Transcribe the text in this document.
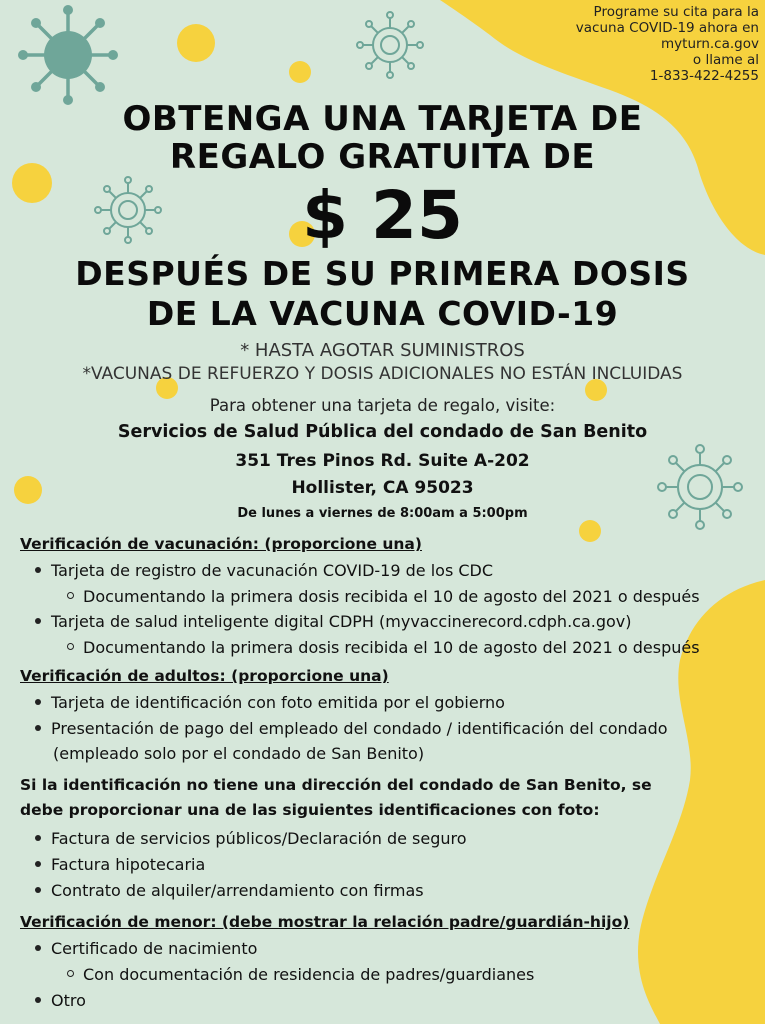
Programe su cita para la
vacuna COVID-19 ahora en
myturn.ca.gov
o llame al
1-833-422-4255
OBTENGA UNA TARJETA DE
REGALO GRATUITA DE
$ 25
DESPUÉS DE SU PRIMERA DOSIS
DE LA VACUNA COVID-19
* HASTA AGOTAR SUMINISTROS
*VACUNAS DE REFUERZO Y DOSIS ADICIONALES NO ESTÁN INCLUIDAS
Para obtener una tarjeta de regalo, visite:
Servicios de Salud Pública del condado de San Benito
351 Tres Pinos Rd. Suite A-202
Hollister, CA 95023
De lunes a viernes de 8:00am a 5:00pm
Verificación de vacunación: (proporcione una)
Tarjeta de registro de vacunación COVID-19 de los CDC
Documentando la primera dosis recibida el 10 de agosto del 2021 o después
Tarjeta de salud inteligente digital CDPH (myvaccinerecord.cdph.ca.gov)
Documentando la primera dosis recibida el 10 de agosto del 2021 o después
Verificación de adultos: (proporcione una)
Tarjeta de identificación con foto emitida por el gobierno
Presentación de pago del empleado del condado / identificación del condado
(empleado solo por el condado de San Benito)
Si la identificación no tiene una dirección del condado de San Benito, se
debe proporcionar una de las siguientes identificaciones con foto:
Factura de servicios públicos/Declaración de seguro
Factura hipotecaria
Contrato de alquiler/arrendamiento con firmas
Verificación de menor: (debe mostrar la relación padre/guardián-hijo)
Certificado de nacimiento
Con documentación de residencia de padres/guardianes
Otro
